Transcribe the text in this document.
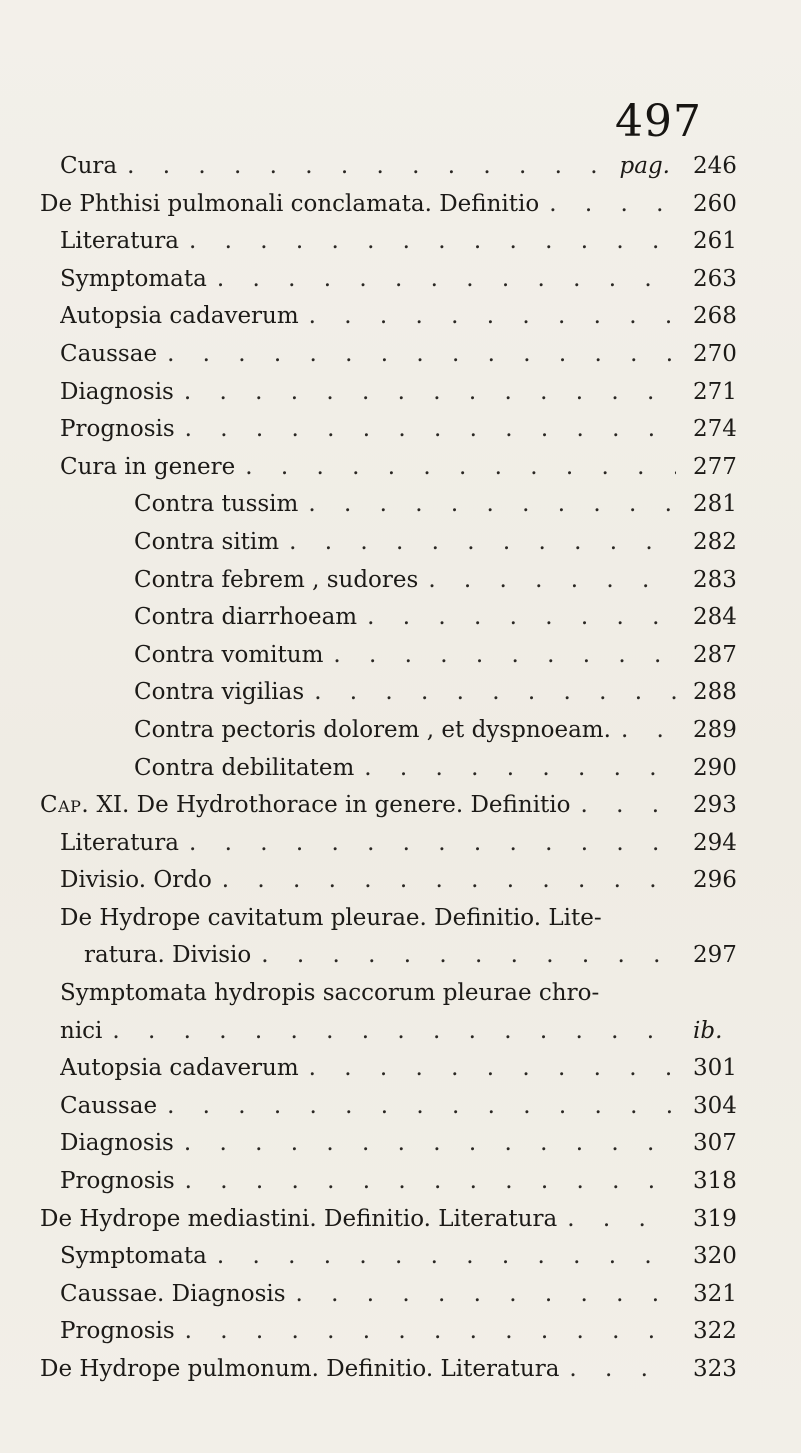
497
Cura . . .	pag. 246
De Phthisi pulmonali conclamata. Definitio . . .	260
Literatura . . .	261
Symptomata . . .	263
Autopsia cadaverum . . .	268
Caussae . . .	270
Diagnosis . . .	271
Prognosis . . .	274
Cura in genere . . .	277
Contra tussim . . .	281
Contra sitim . . .	282
Contra febrem , sudores . . .	283
Contra diarrhoeam . . .	284
Contra vomitum . . .	287
Contra vigilias . . .	288
Contra pectoris dolorem , et dyspnoeam. . . .	289
Contra debilitatem . . .	290
Cap. XI. De Hydrothorace in genere. Definitio . . .	293
Literatura . . .	294
Divisio. Ordo . . .	296
De Hydrope cavitatum pleurae. Definitio. Lite-
ratura. Divisio . . .	297
Symptomata hydropis saccorum pleurae chro-
nici . . .	ib.
Autopsia cadaverum . . .	301
Caussae . . .	304
Diagnosis . . .	307
Prognosis . . .	318
De Hydrope mediastini. Definitio. Literatura . . .	319
Symptomata . . .	320
Caussae. Diagnosis . . .	321
Prognosis . . .	322
De Hydrope pulmonum. Definitio. Literatura . . .	323
